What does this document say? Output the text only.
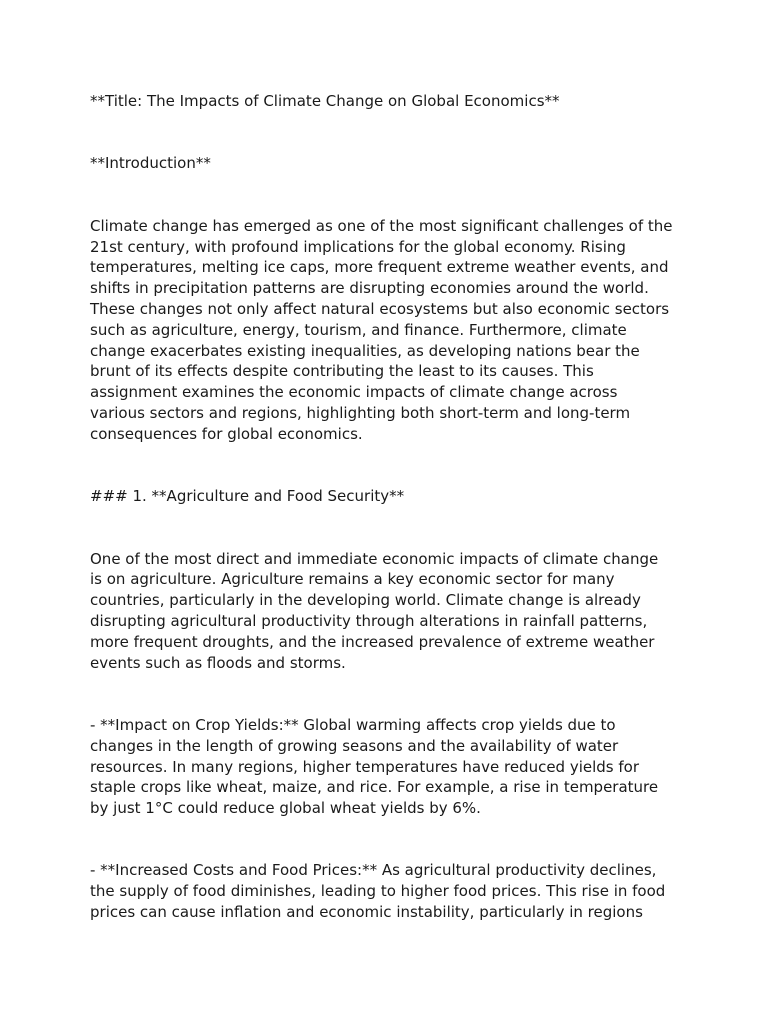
**Title: The Impacts of Climate Change on Global Economics**

**Introduction**

Climate change has emerged as one of the most significant challenges of the

21st century, with profound implications for the global economy. Rising

temperatures, melting ice caps, more frequent extreme weather events, and

shifts in precipitation patterns are disrupting economies around the world.

These changes not only affect natural ecosystems but also economic sectors

such as agriculture, energy, tourism, and finance. Furthermore, climate

change exacerbates existing inequalities, as developing nations bear the

brunt of its effects despite contributing the least to its causes. This

assignment examines the economic impacts of climate change across

various sectors and regions, highlighting both short-term and long-term

consequences for global economics.

### 1. **Agriculture and Food Security**

One of the most direct and immediate economic impacts of climate change

is on agriculture. Agriculture remains a key economic sector for many

countries, particularly in the developing world. Climate change is already

disrupting agricultural productivity through alterations in rainfall patterns,

more frequent droughts, and the increased prevalence of extreme weather

events such as floods and storms.

- **Impact on Crop Yields:** Global warming affects crop yields due to

changes in the length of growing seasons and the availability of water

resources. In many regions, higher temperatures have reduced yields for

staple crops like wheat, maize, and rice. For example, a rise in temperature

by just 1°C could reduce global wheat yields by 6%.

- **Increased Costs and Food Prices:** As agricultural productivity declines,

the supply of food diminishes, leading to higher food prices. This rise in food

prices can cause inflation and economic instability, particularly in regions
